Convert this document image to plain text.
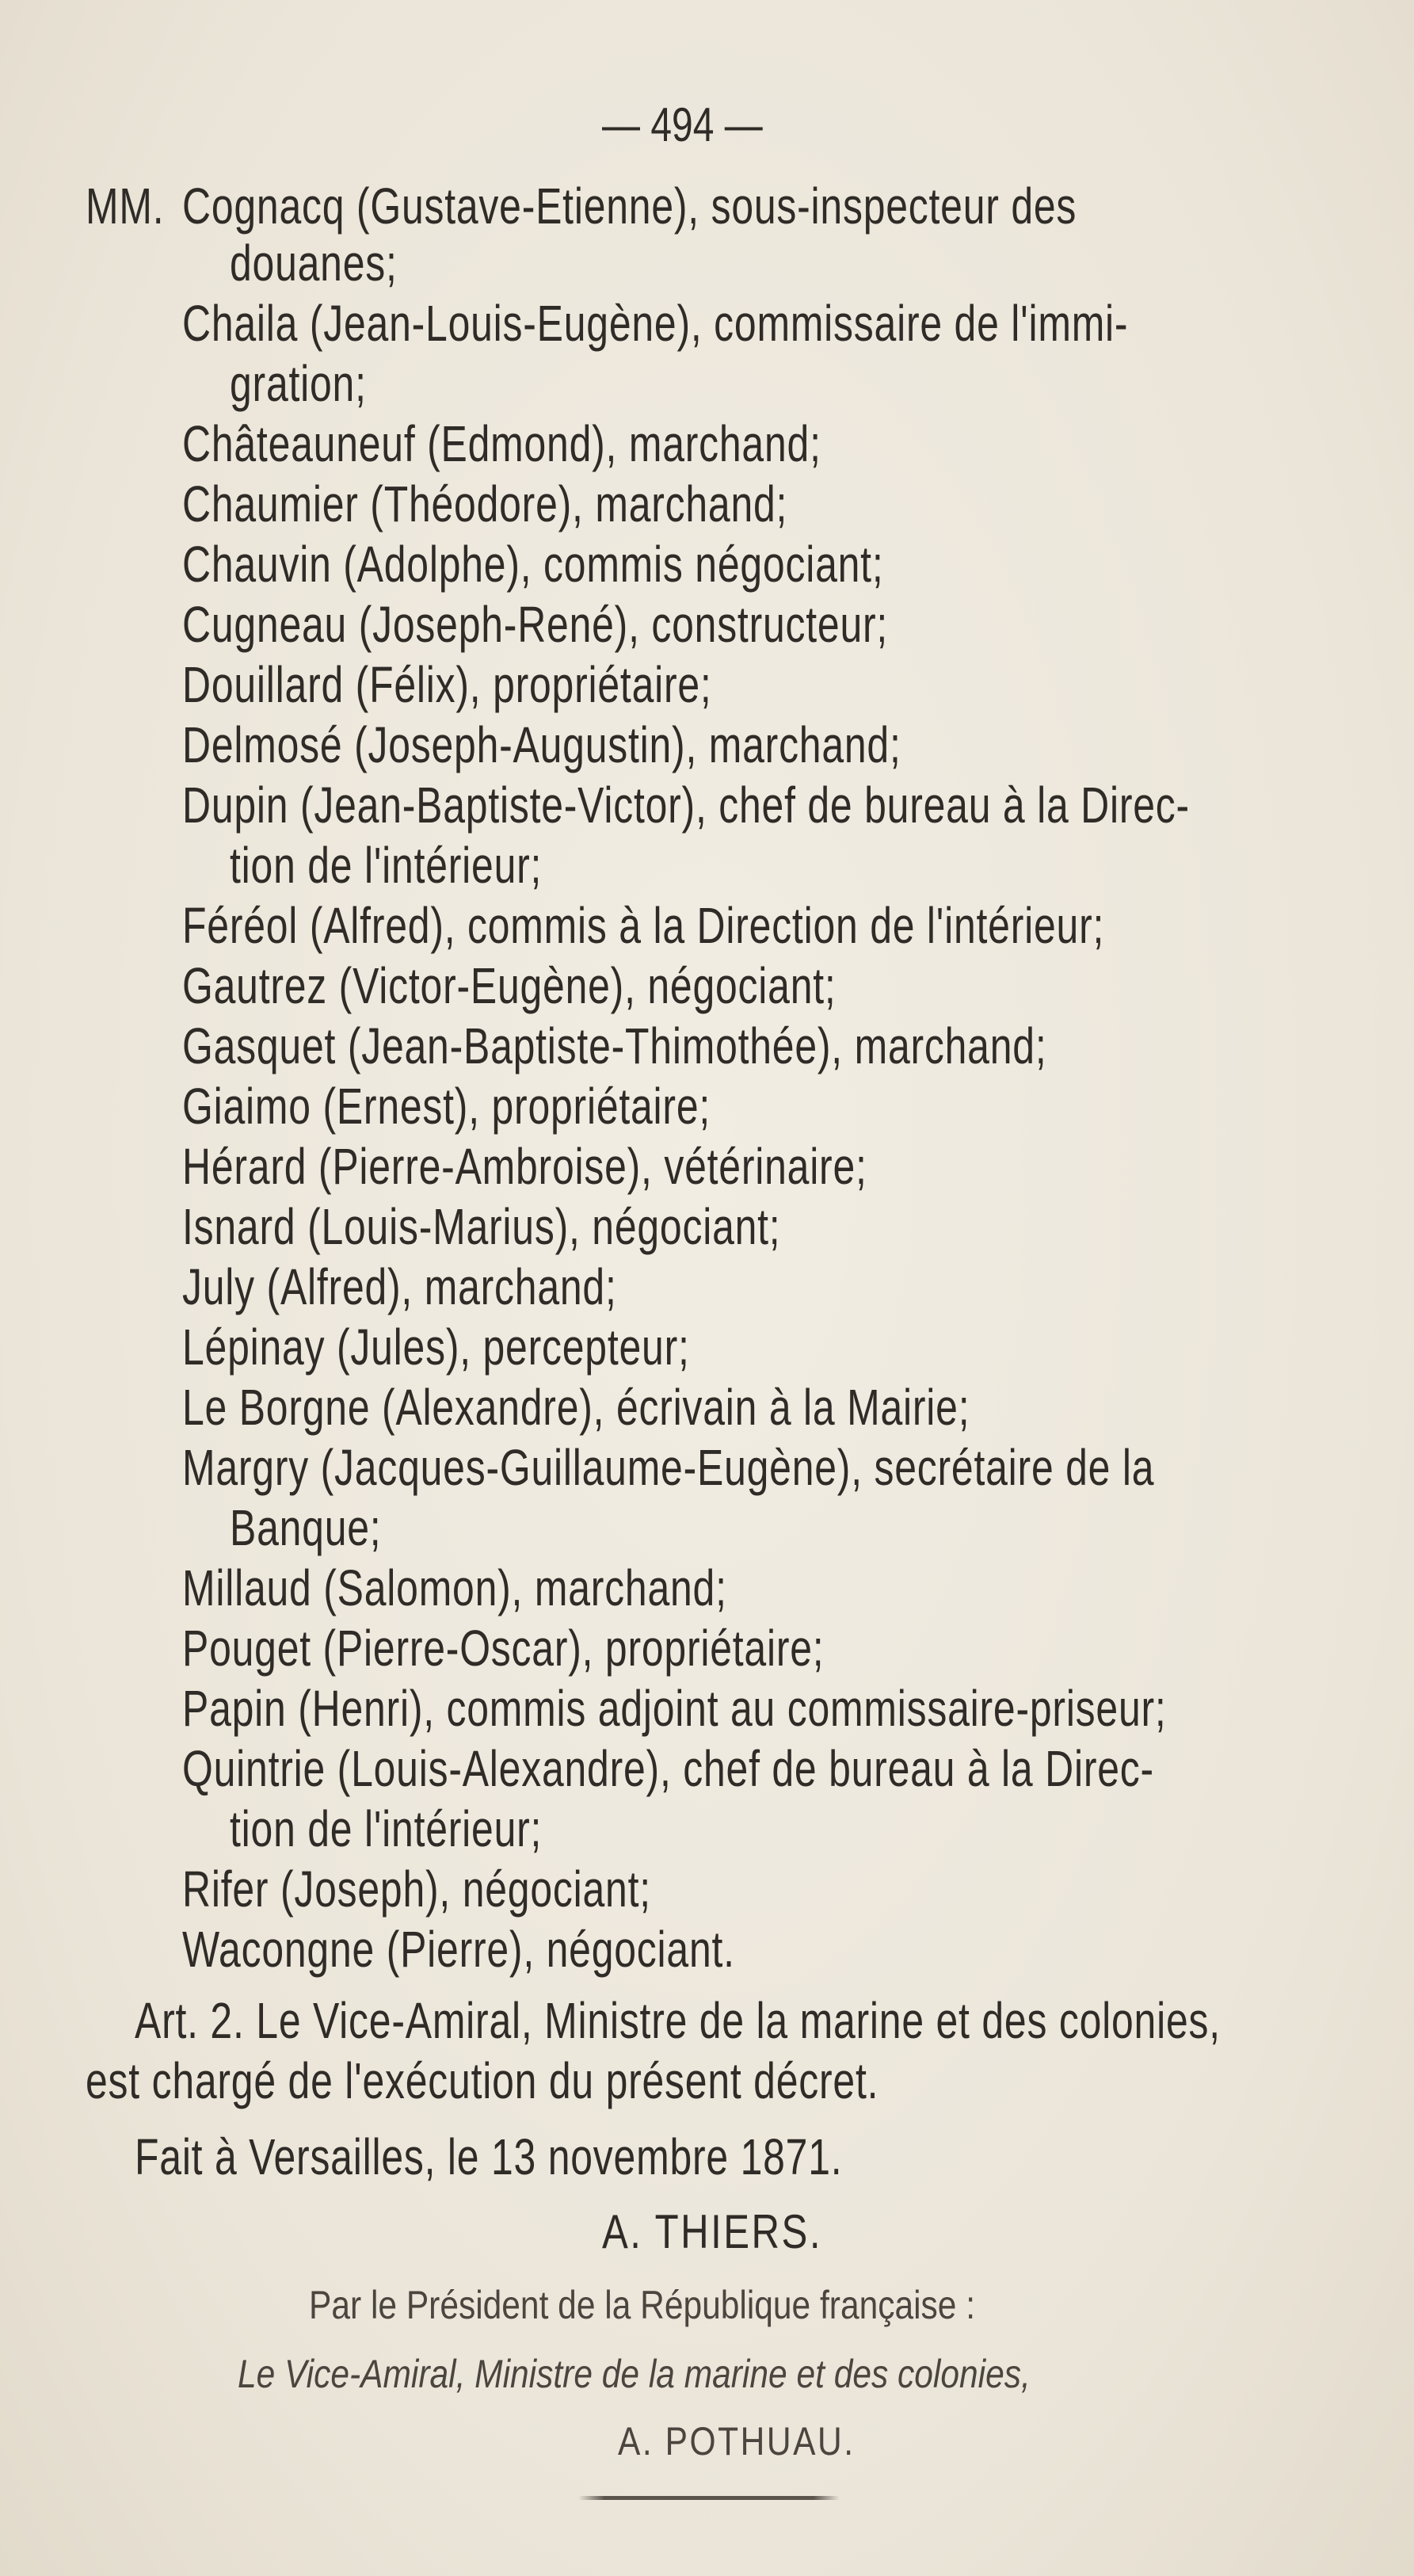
— 494 —
MM. Cognacq (Gustave-Etienne), sous-inspecteur des
douanes;
Chaila (Jean-Louis-Eugène), commissaire de l'immi-
gration;
Châteauneuf (Edmond), marchand;
Chaumier (Théodore), marchand;
Chauvin (Adolphe), commis négociant;
Cugneau (Joseph-René), constructeur;
Douillard (Félix), propriétaire;
Delmosé (Joseph-Augustin), marchand;
Dupin (Jean-Baptiste-Victor), chef de bureau à la Direc-
tion de l'intérieur;
Féréol (Alfred), commis à la Direction de l'intérieur;
Gautrez (Victor-Eugène), négociant;
Gasquet (Jean-Baptiste-Thimothée), marchand;
Giaimo (Ernest), propriétaire;
Hérard (Pierre-Ambroise), vétérinaire;
Isnard (Louis-Marius), négociant;
July (Alfred), marchand;
Lépinay (Jules), percepteur;
Le Borgne (Alexandre), écrivain à la Mairie;
Margry (Jacques-Guillaume-Eugène), secrétaire de la
Banque;
Millaud (Salomon), marchand;
Pouget (Pierre-Oscar), propriétaire;
Papin (Henri), commis adjoint au commissaire-priseur;
Quintrie (Louis-Alexandre), chef de bureau à la Direc-
tion de l'intérieur;
Rifer (Joseph), négociant;
Wacongne (Pierre), négociant.
Art. 2. Le Vice-Amiral, Ministre de la marine et des colonies,
est chargé de l'exécution du présent décret.
Fait à Versailles, le 13 novembre 1871.
A. THIERS.
Par le Président de la République française :
Le Vice-Amiral, Ministre de la marine et des colonies,
A. POTHUAU.
